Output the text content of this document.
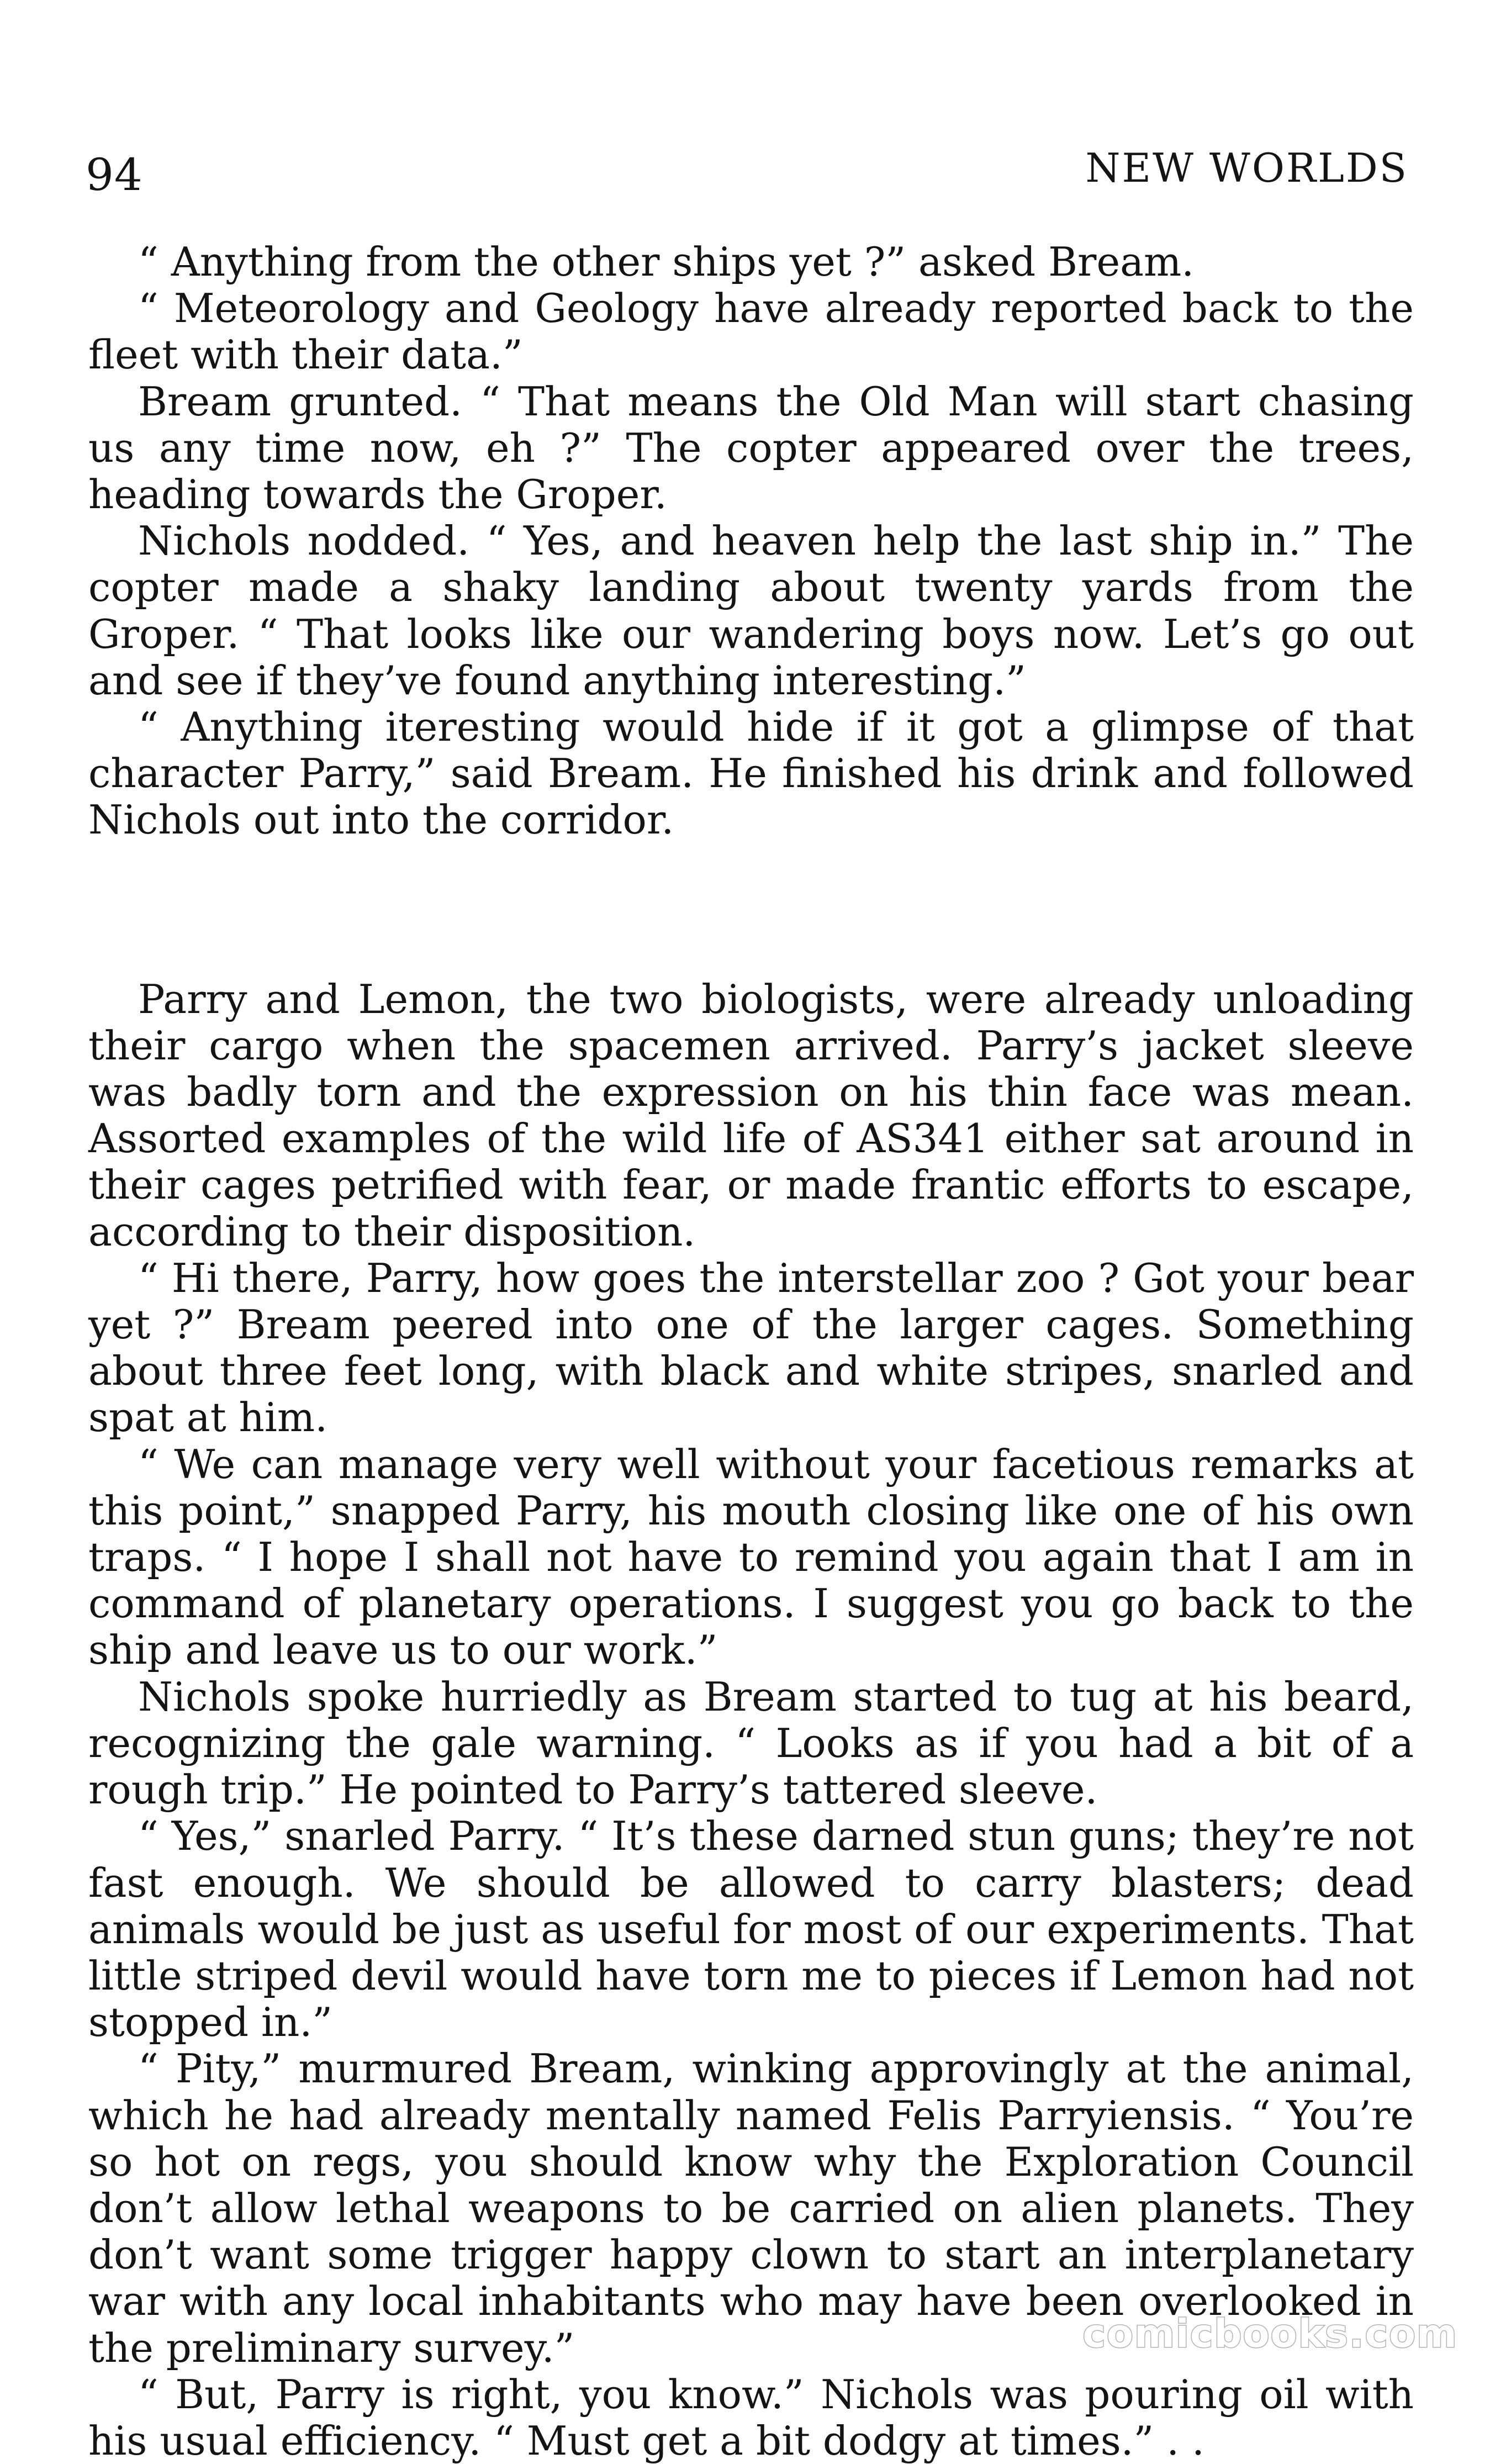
94	NEW WORLDS

“ Anything from the other ships yet ?” asked Bream.

“ Meteorology and Geology have already reported back to the fleet with their data.”

Bream grunted. “ That means the Old Man will start chasing us any time now, eh ?” The copter appeared over the trees, heading towards the Groper.

Nichols nodded. “ Yes, and heaven help the last ship in.” The copter made a shaky landing about twenty yards from the Groper. “ That looks like our wandering boys now. Let’s go out and see if they’ve found anything interesting.”

“ Anything iteresting would hide if it got a glimpse of that character Parry,” said Bream. He finished his drink and followed Nichols out into the corridor.

Parry and Lemon, the two biologists, were already unloading their cargo when the spacemen arrived. Parry’s jacket sleeve was badly torn and the expression on his thin face was mean. Assorted examples of the wild life of AS341 either sat around in their cages petrified with fear, or made frantic efforts to escape, according to their disposition.

“ Hi there, Parry, how goes the interstellar zoo ? Got your bear yet ?” Bream peered into one of the larger cages. Something about three feet long, with black and white stripes, snarled and spat at him.

“ We can manage very well without your facetious remarks at this point,” snapped Parry, his mouth closing like one of his own traps. “ I hope I shall not have to remind you again that I am in command of planetary operations. I suggest you go back to the ship and leave us to our work.”

Nichols spoke hurriedly as Bream started to tug at his beard, recognizing the gale warning. “ Looks as if you had a bit of a rough trip.” He pointed to Parry’s tattered sleeve.

“ Yes,” snarled Parry. “ It’s these darned stun guns; they’re not fast enough. We should be allowed to carry blasters; dead animals would be just as useful for most of our experiments. That little striped devil would have torn me to pieces if Lemon had not stopped in.”

“ Pity,” murmured Bream, winking approvingly at the animal, which he had already mentally named Felis Parryiensis. “ You’re so hot on regs, you should know why the Exploration Council don’t allow lethal weapons to be carried on alien planets. They don’t want some trigger happy clown to start an interplanetary war with any local inhabitants who may have been overlooked in the preliminary survey.”

“ But, Parry is right, you know.” Nichols was pouring oil with his usual efficiency. “ Must get a bit dodgy at times.” . .

comicbooks.com
